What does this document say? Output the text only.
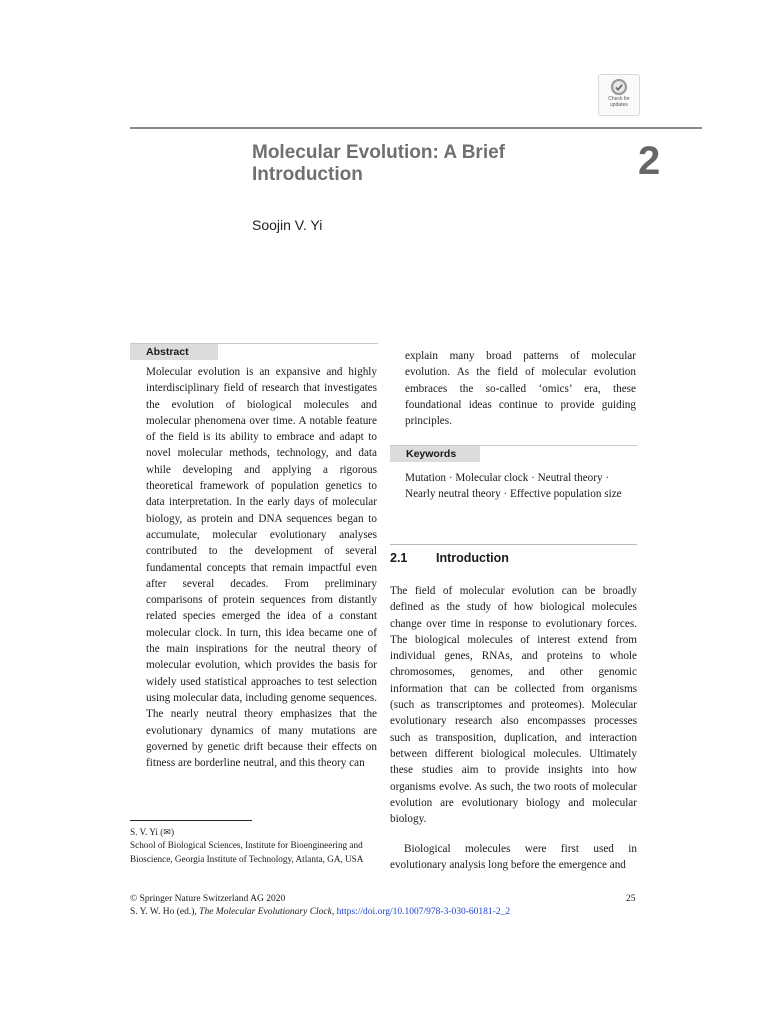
Check for updates
Molecular Evolution: A Brief Introduction	2
Soojin V. Yi
Abstract

Molecular evolution is an expansive and highly interdisciplinary field of research that investigates the evolution of biological molecules and molecular phenomena over time. A notable feature of the field is its ability to embrace and adapt to novel molecular methods, technology, and data while developing and applying a rigorous theoretical framework of population genetics to data interpretation. In the early days of molecular biology, as protein and DNA sequences began to accumulate, molecular evolutionary analyses contributed to the development of several fundamental concepts that remain impactful even after several decades. From preliminary comparisons of protein sequences from distantly related species emerged the idea of a constant molecular clock. In turn, this idea became one of the main inspirations for the neutral theory of molecular evolution, which provides the basis for widely used statistical approaches to test selection using molecular data, including genome sequences. The nearly neutral theory emphasizes that the evolutionary dynamics of many mutations are governed by genetic drift because their effects on fitness are borderline neutral, and this theory can

S. V. Yi (✉)
School of Biological Sciences, Institute for Bioengineering and Bioscience, Georgia Institute of Technology, Atlanta, GA, USA

explain many broad patterns of molecular evolution. As the field of molecular evolution embraces the so-called ‘omics’ era, these foundational ideas continue to provide guiding principles.

Keywords

Mutation · Molecular clock · Neutral theory · Nearly neutral theory · Effective population size

2.1 Introduction

The field of molecular evolution can be broadly defined as the study of how biological molecules change over time in response to evolutionary forces. The biological molecules of interest extend from individual genes, RNAs, and proteins to whole chromosomes, genomes, and other genomic information that can be collected from organisms (such as transcriptomes and proteomes). Molecular evolutionary research also encompasses processes such as transposition, duplication, and interaction between different biological molecules. Ultimately these studies aim to provide insights into how organisms evolve. As such, the two roots of molecular evolution are evolutionary biology and molecular biology.

Biological molecules were first used in evolutionary analysis long before the emergence and

© Springer Nature Switzerland AG 2020	25
S. Y. W. Ho (ed.), The Molecular Evolutionary Clock, https://doi.org/10.1007/978-3-030-60181-2_2
